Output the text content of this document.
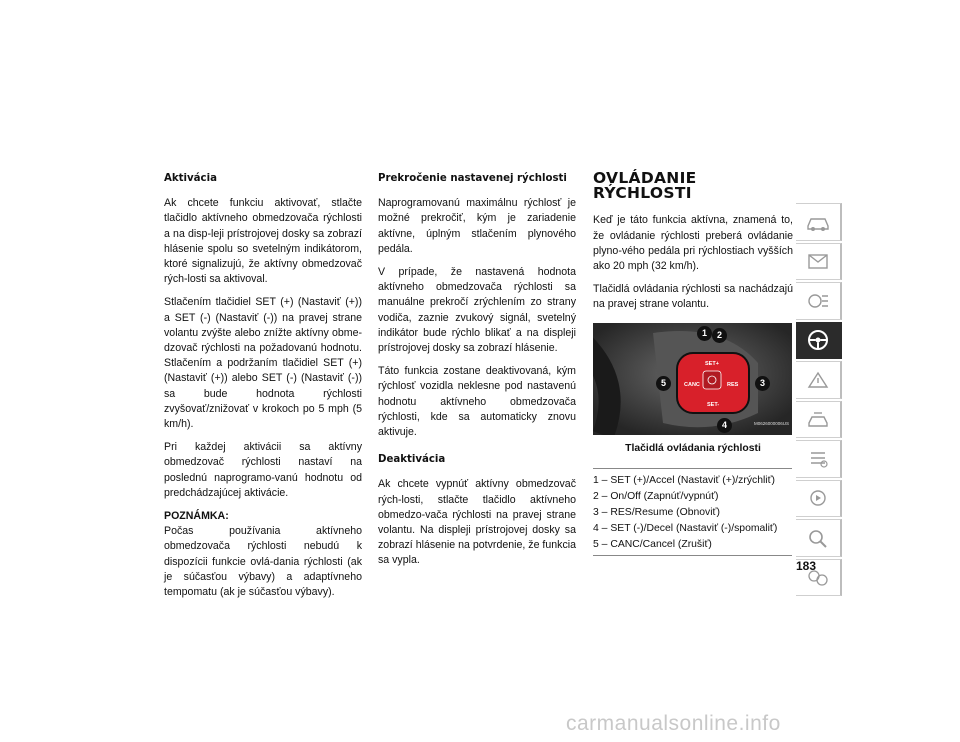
Aktivácia

Ak chcete funkciu aktivovať, stlačte tlačidlo aktívneho obmedzovača rýchlosti a na disp-leji prístrojovej dosky sa zobrazí hlásenie spolu so svetelným indikátorom, ktoré signalizujú, že aktívny obmedzovač rých-losti sa aktivoval.

Stlačením tlačidiel SET (+) (Nastaviť (+)) a SET (-) (Nastaviť (-)) na pravej strane volantu zvýšte alebo znížte aktívny obme-dzovač rýchlosti na požadovanú hodnotu. Stlačením a podržaním tlačidiel SET (+) (Nastaviť (+)) alebo SET (-) (Nastaviť (-)) sa bude hodnota rýchlosti zvyšovať/znižovať v krokoch po 5 mph (5 km/h).

Pri každej aktivácii sa aktívny obmedzovač rýchlosti nastaví na poslednú naprogramo-vanú hodnotu od predchádzajúcej aktivácie.

POZNÁMKA:

Počas používania aktívneho obmedzovača rýchlosti nebudú k dispozícii funkcie ovlá-dania rýchlosti (ak je súčasťou výbavy) a adaptívneho tempomatu (ak je súčasťou výbavy).

Prekročenie nastavenej rýchlosti

Naprogramovanú maximálnu rýchlosť je možné prekročiť, kým je zariadenie aktívne, úplným stlačením plynového pedála.

V prípade, že nastavená hodnota aktívneho obmedzovača rýchlosti sa manuálne prekročí zrýchlením zo strany vodiča, zaznie zvukový signál, svetelný indikátor bude rýchlo blikať a na displeji prístrojovej dosky sa zobrazí hlásenie.

Táto funkcia zostane deaktivovaná, kým rýchlosť vozidla neklesne pod nastavenú hodnotu aktívneho obmedzovača rýchlosti, kde sa automaticky znovu aktivuje.

Deaktivácia

Ak chcete vypnúť aktívny obmedzovač rých-losti, stlačte tlačidlo aktívneho obmedzo-vača rýchlosti na pravej strane volantu. Na displeji prístrojovej dosky sa zobrazí hlásenie na potvrdenie, že funkcia sa vypla.

OVLÁDANIE RÝCHLOSTI

Keď je táto funkcia aktívna, znamená to, že ovládanie rýchlosti preberá ovládanie plyno-vého pedála pri rýchlostiach vyšších ako 20 mph (32 km/h).

Tlačidlá ovládania rýchlosti sa nachádzajú na pravej strane volantu.

SET+
CANC	RES
SET-
1	2
3
4
5
M0626000006US
Tlačidlá ovládania rýchlosti
1 – SET (+)/Accel (Nastaviť (+)/zrýchliť)
2 – On/Off (Zapnúť/vypnúť)
3 – RES/Resume (Obnoviť)
4 – SET (-)/Decel (Nastaviť (-)/spomaliť)
5 – CANC/Cancel (Zrušiť)
183
carmanualsonline.info
